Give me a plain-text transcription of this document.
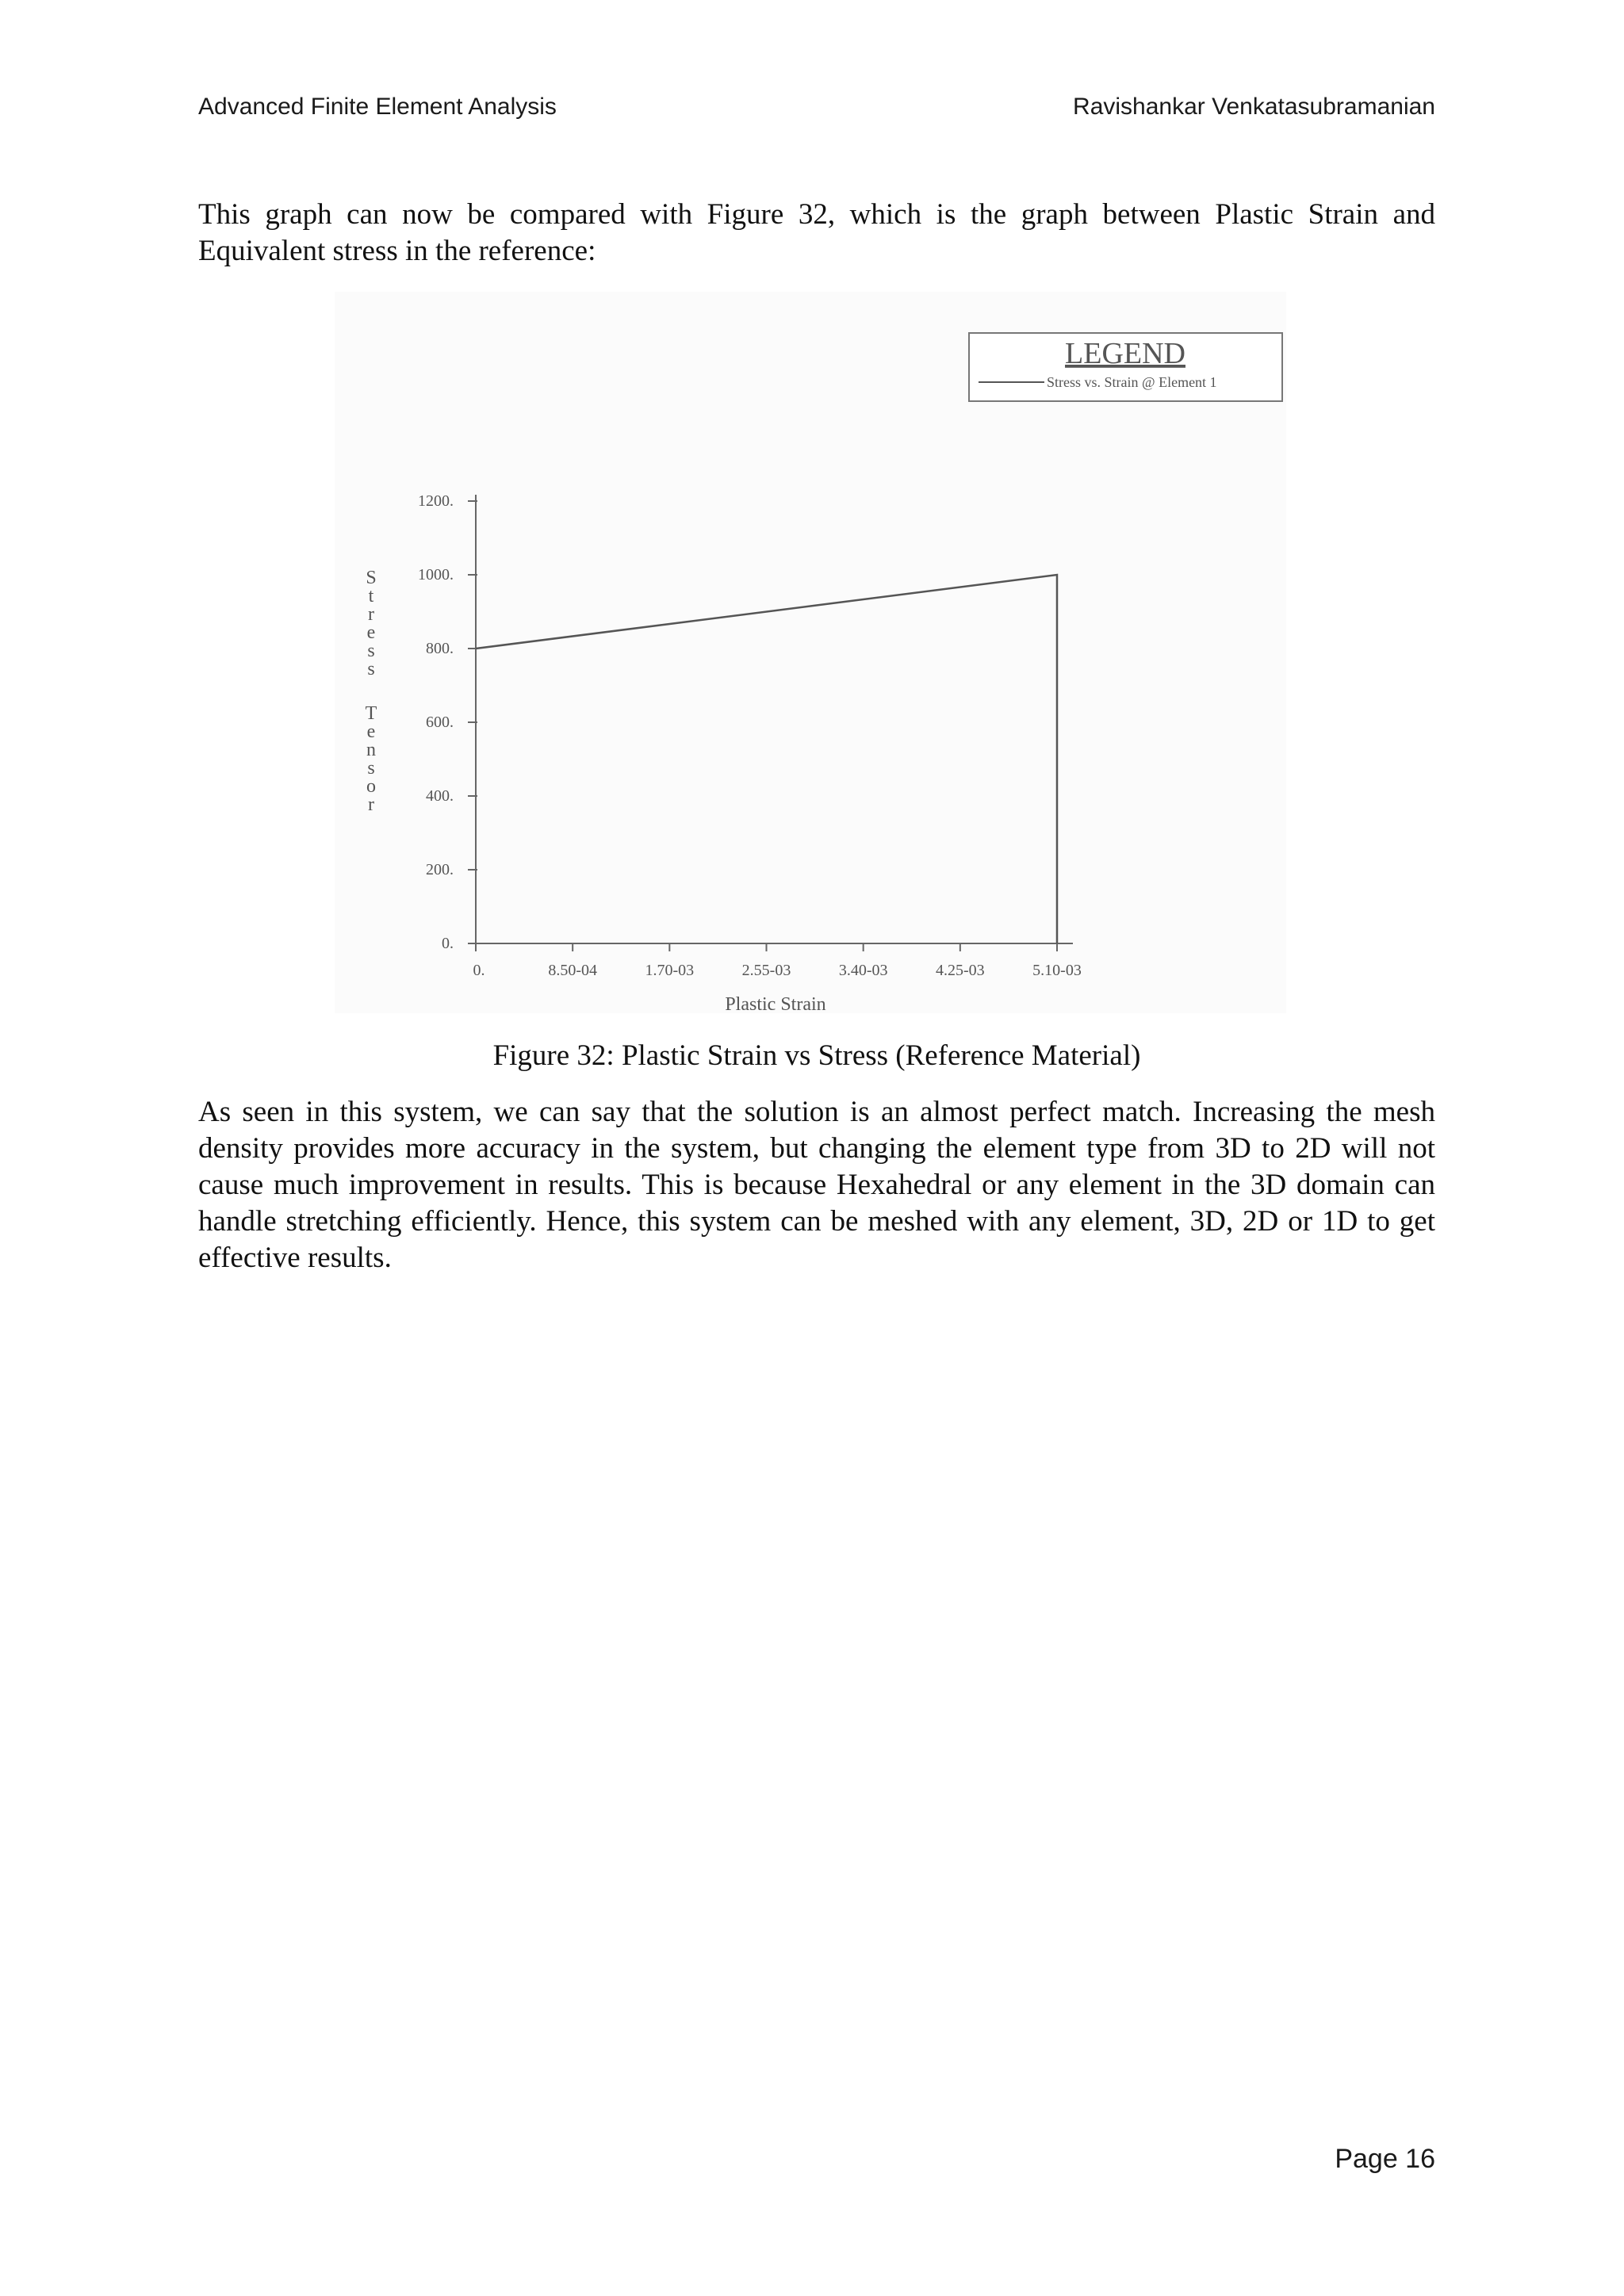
Advanced Finite Element Analysis	Ravishankar Venkatasubramanian
This graph can now be compared with Figure 32, which is the graph between Plastic Strain and Equivalent stress in the reference:
LEGEND
Stress vs. Strain @ Element 1
S t r e s s T e n s o r
Plastic Strain
0.
200.
400.
600.
800.
1000.
1200.
0.	8.50-04	1.70-03	2.55-03	3.40-03	4.25-03	5.10-03
Figure 32: Plastic Strain vs Stress (Reference Material)
As seen in this system, we can say that the solution is an almost perfect match. Increasing the mesh density provides more accuracy in the system, but changing the element type from 3D to 2D will not cause much improvement in results. This is because Hexahedral or any element in the 3D domain can handle stretching efficiently. Hence, this system can be meshed with any element, 3D, 2D or 1D to get effective results.
Page 16
